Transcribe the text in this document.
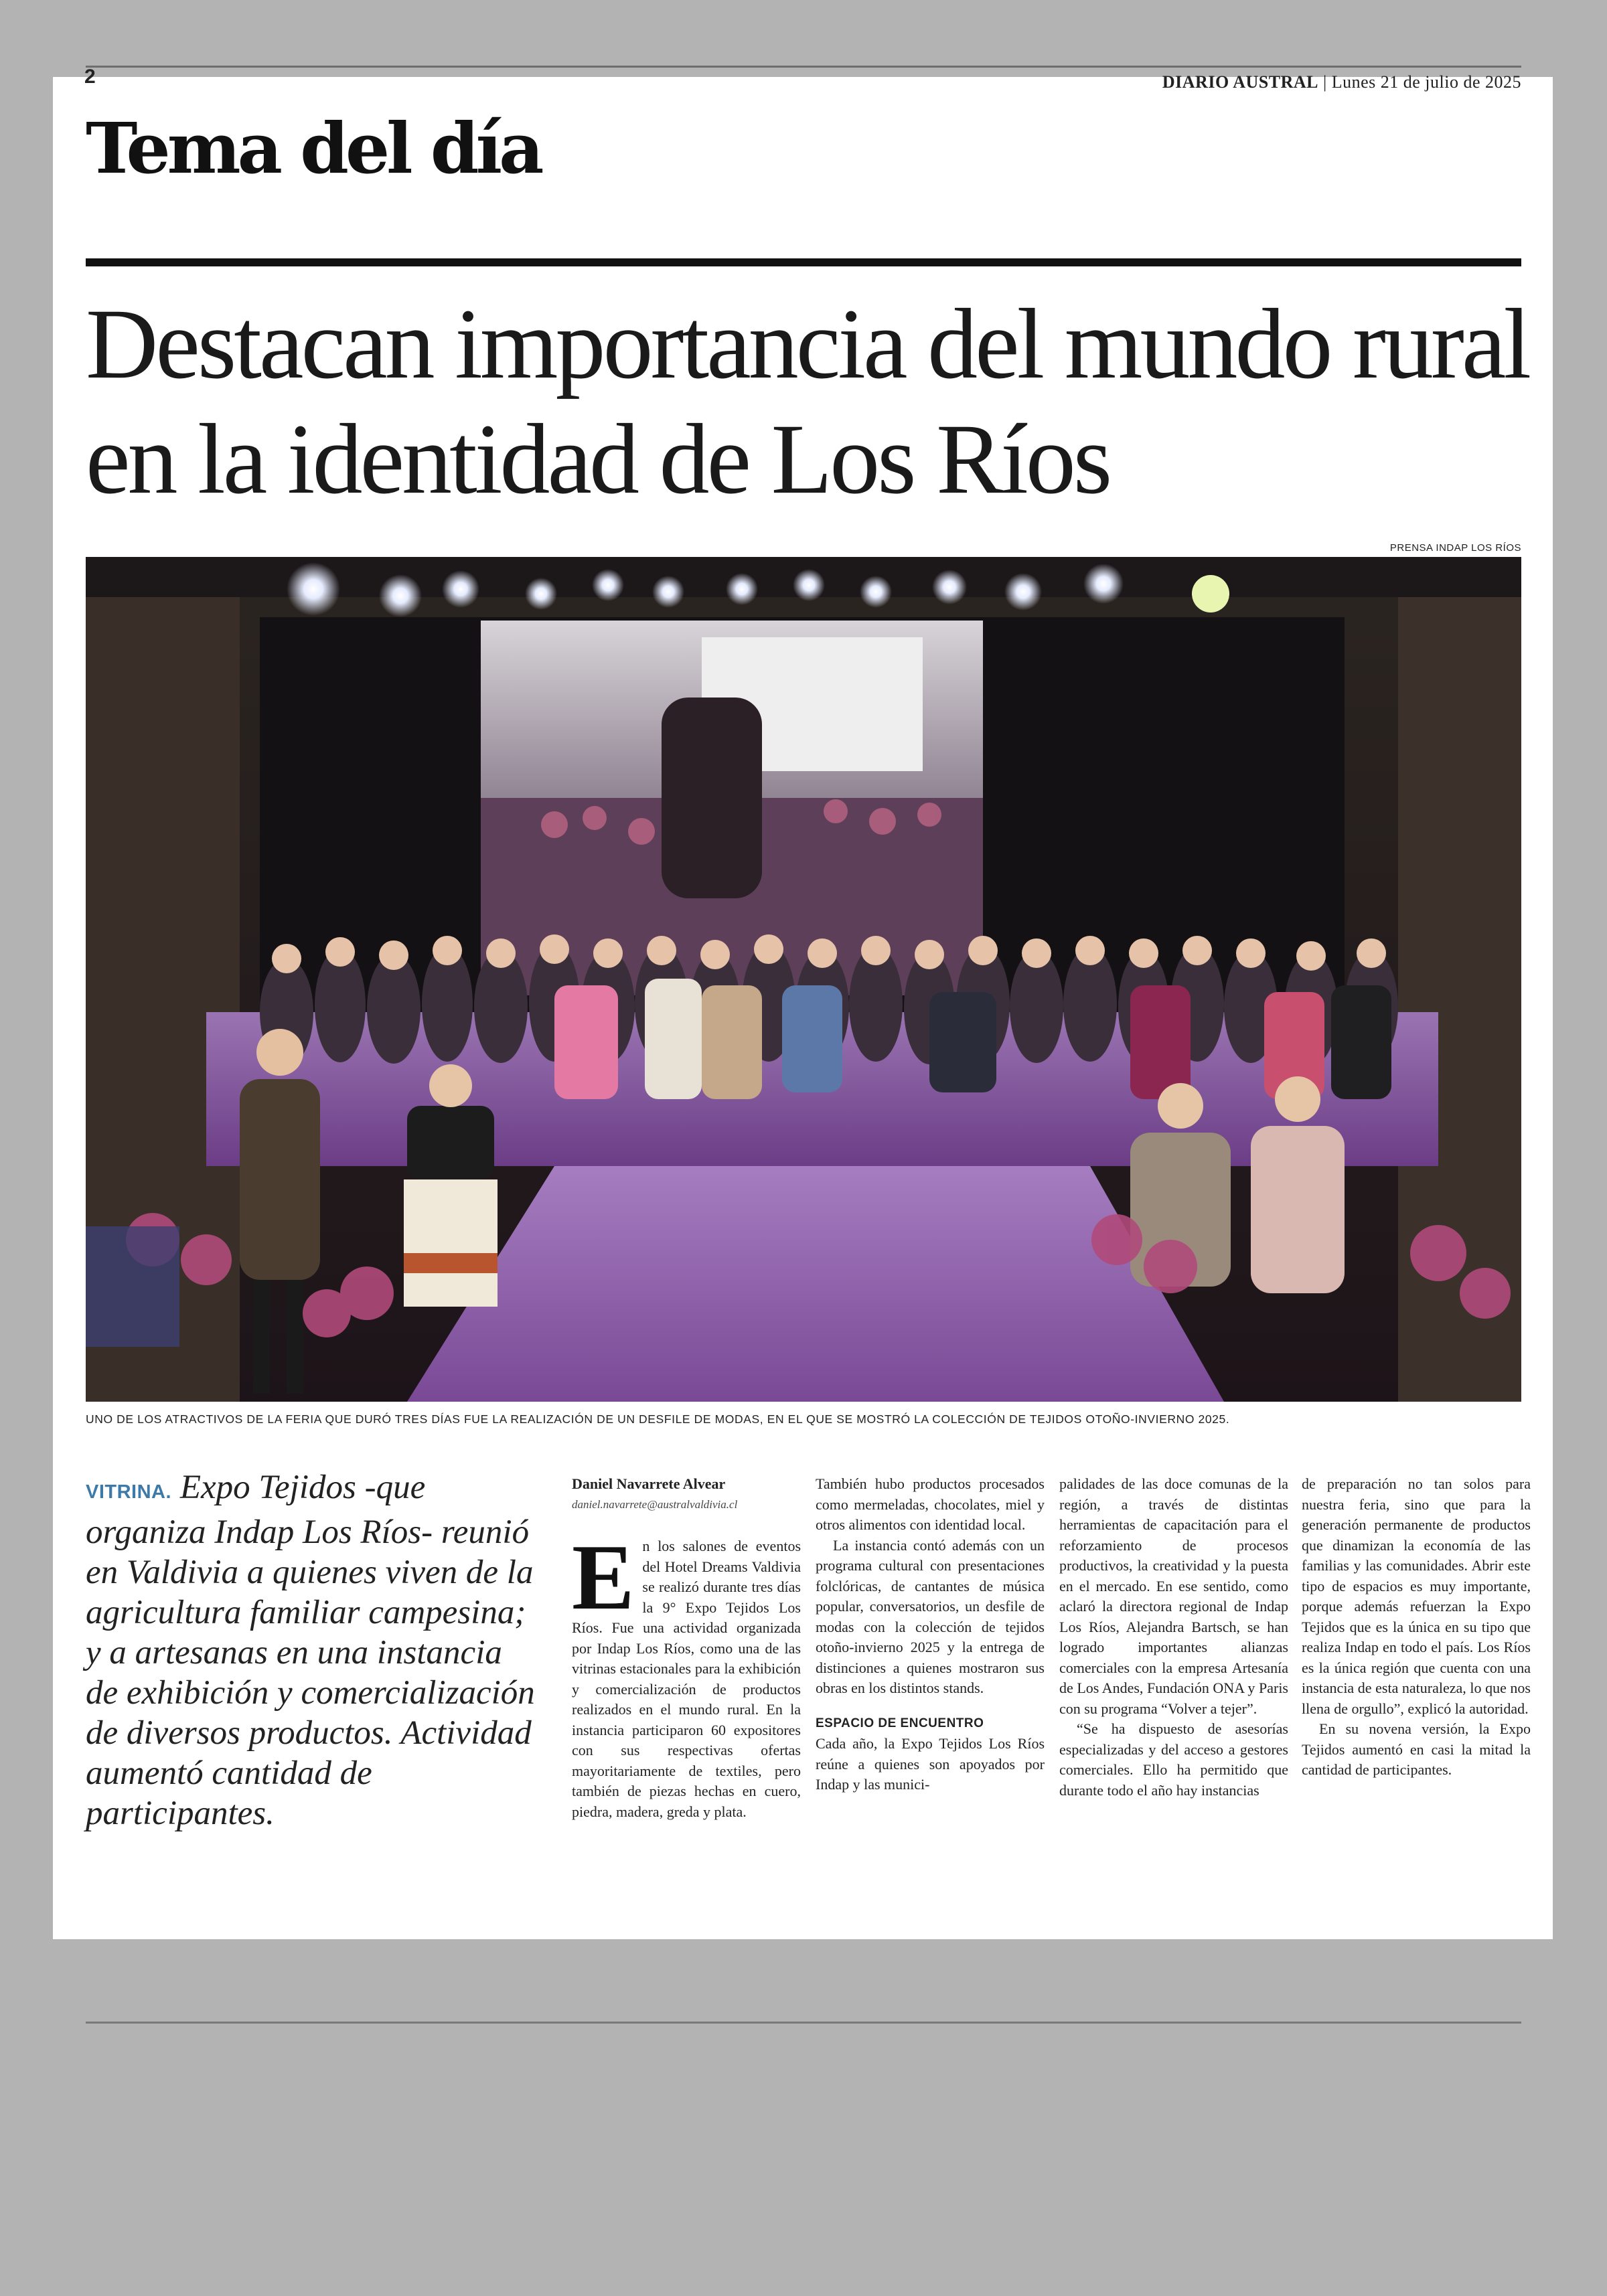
2	DIARIO AUSTRAL | Lunes 21 de julio de 2025
Tema del día
Destacan importancia del mundo rural en la identidad de Los Ríos
PRENSA INDAP LOS RÍOS
UNO DE LOS ATRACTIVOS DE LA FERIA QUE DURÓ TRES DÍAS FUE LA REALIZACIÓN DE UN DESFILE DE MODAS, EN EL QUE SE MOSTRÓ LA COLECCIÓN DE TEJIDOS OTOÑO-INVIERNO 2025.
VITRINA. Expo Tejidos -que organiza Indap Los Ríos- reunió en Valdivia a quienes viven de la agricultura familiar campesina; y a artesanas en una instancia de exhibición y comercialización de diversos productos. Actividad aumentó cantidad de participantes.
Daniel Navarrete Alvear
daniel.navarrete@australvaldivia.cl

En los salones de eventos del Hotel Dreams Valdivia se realizó durante tres días la 9° Expo Tejidos Los Ríos. Fue una actividad organizada por Indap Los Ríos, como una de las vitrinas estacionales para la exhibición y comercialización de productos realizados en el mundo rural. En la instancia participaron 60 expositores con sus respectivas ofertas mayoritariamente de textiles, pero también de piezas hechas en cuero, piedra, madera, greda y plata.

También hubo productos procesados como mermeladas, chocolates, miel y otros alimentos con identidad local.

La instancia contó además con un programa cultural con presentaciones folclóricas, de cantantes de música popular, conversatorios, un desfile de modas con la colección de tejidos otoño-invierno 2025 y la entrega de distinciones a quienes mostraron sus obras en los distintos stands.

ESPACIO DE ENCUENTRO

Cada año, la Expo Tejidos Los Ríos reúne a quienes son apoyados por Indap y las munici-

palidades de las doce comunas de la región, a través de distintas herramientas de capacitación para el reforzamiento de procesos productivos, la creatividad y la puesta en el mercado. En ese sentido, como aclaró la directora regional de Indap Los Ríos, Alejandra Bartsch, se han logrado importantes alianzas comerciales con la empresa Artesanía de Los Andes, Fundación ONA y Paris con su programa “Volver a tejer”.

“Se ha dispuesto de asesorías especializadas y del acceso a gestores comerciales. Ello ha permitido que durante todo el año hay instancias

de preparación no tan solos para nuestra feria, sino que para la generación permanente de productos que dinamizan la economía de las familias y las comunidades. Abrir este tipo de espacios es muy importante, porque además refuerzan la Expo Tejidos que es la única en su tipo que realiza Indap en todo el país. Los Ríos es la única región que cuenta con una instancia de esta naturaleza, lo que nos llena de orgullo”, explicó la autoridad.

En su novena versión, la Expo Tejidos aumentó en casi la mitad la cantidad de participantes.
